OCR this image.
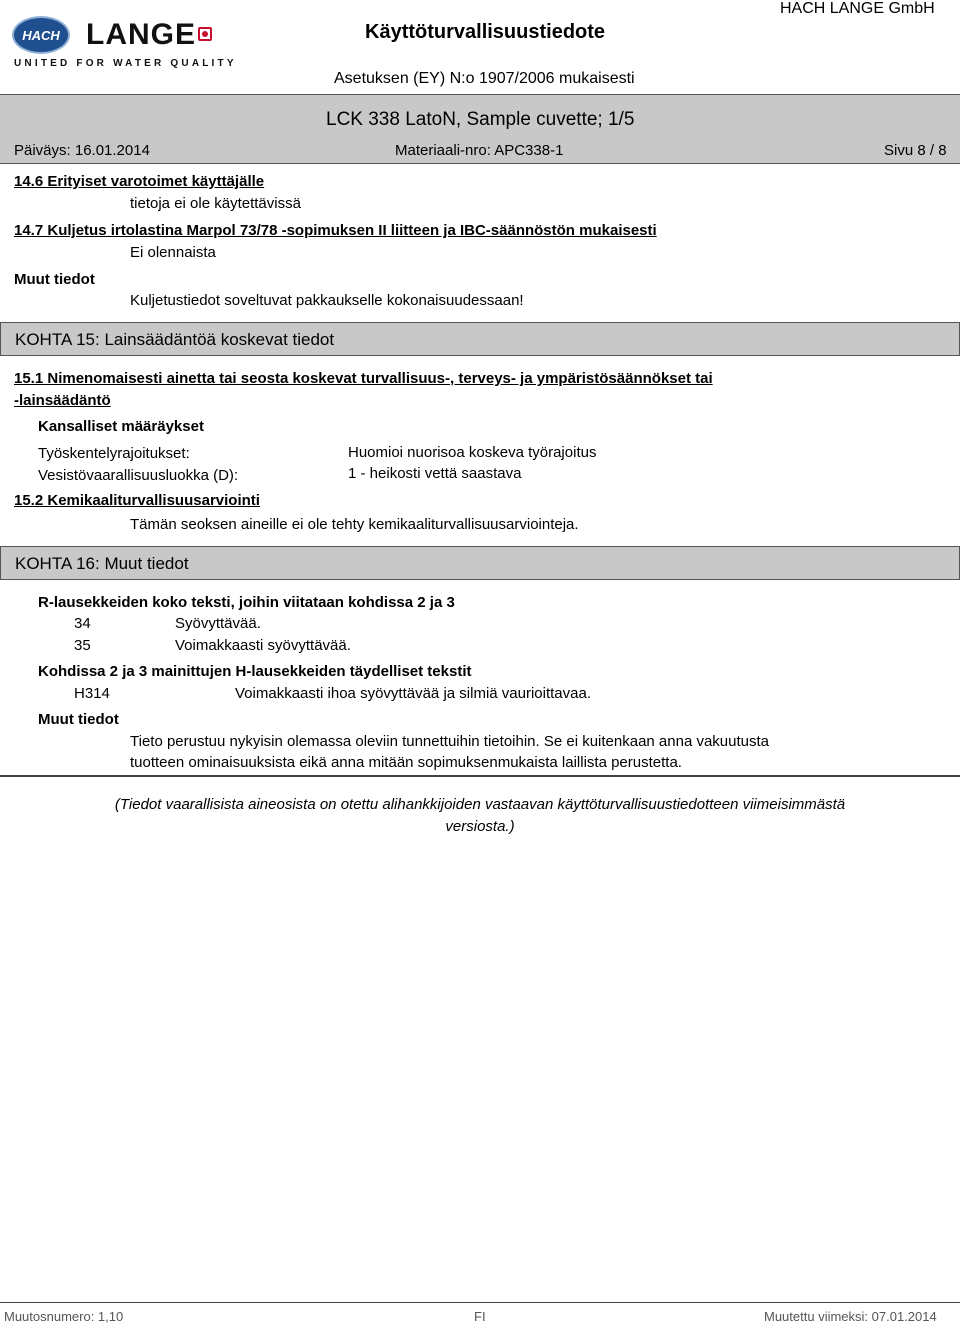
HACH LANGE
UNITED FOR WATER QUALITY
Käyttöturvallisuustiedote
HACH LANGE GmbH
Asetuksen (EY) N:o 1907/2006 mukaisesti
LCK 338 LatoN, Sample cuvette; 1/5
Päiväys: 16.01.2014	Materiaali-nro: APC338-1	Sivu 8 / 8
14.6 Erityiset varotoimet käyttäjälle
tietoja ei ole käytettävissä
14.7 Kuljetus irtolastina Marpol 73/78 -sopimuksen II liitteen ja IBC-säännöstön mukaisesti
Ei olennaista
Muut tiedot
Kuljetustiedot soveltuvat pakkaukselle kokonaisuudessaan!
KOHTA 15: Lainsäädäntöä koskevat tiedot
15.1 Nimenomaisesti ainetta tai seosta koskevat turvallisuus-, terveys- ja ympäristösäännökset tai
-lainsäädäntö
Kansalliset määräykset
Työskentelyrajoitukset:	Huomioi nuorisoa koskeva työrajoitus
Vesistövaarallisuusluokka (D):	1 - heikosti vettä saastava
15.2 Kemikaaliturvallisuusarviointi
Tämän seoksen aineille ei ole tehty kemikaaliturvallisuusarviointeja.
KOHTA 16: Muut tiedot
R-lausekkeiden koko teksti, joihin viitataan kohdissa 2 ja 3
34	Syövyttävää.
35	Voimakkaasti syövyttävää.
Kohdissa 2 ja 3 mainittujen H-lausekkeiden täydelliset tekstit
H314	Voimakkaasti ihoa syövyttävää ja silmiä vaurioittavaa.
Muut tiedot
Tieto perustuu nykyisin olemassa oleviin tunnettuihin tietoihin. Se ei kuitenkaan anna vakuutusta
tuotteen ominaisuuksista eikä anna mitään sopimuksenmukaista laillista perustetta.
(Tiedot vaarallisista aineosista on otettu alihankkijoiden vastaavan käyttöturvallisuustiedotteen viimeisimmästä
versiosta.)
Muutosnumero: 1,10	FI	Muutettu viimeksi: 07.01.2014
